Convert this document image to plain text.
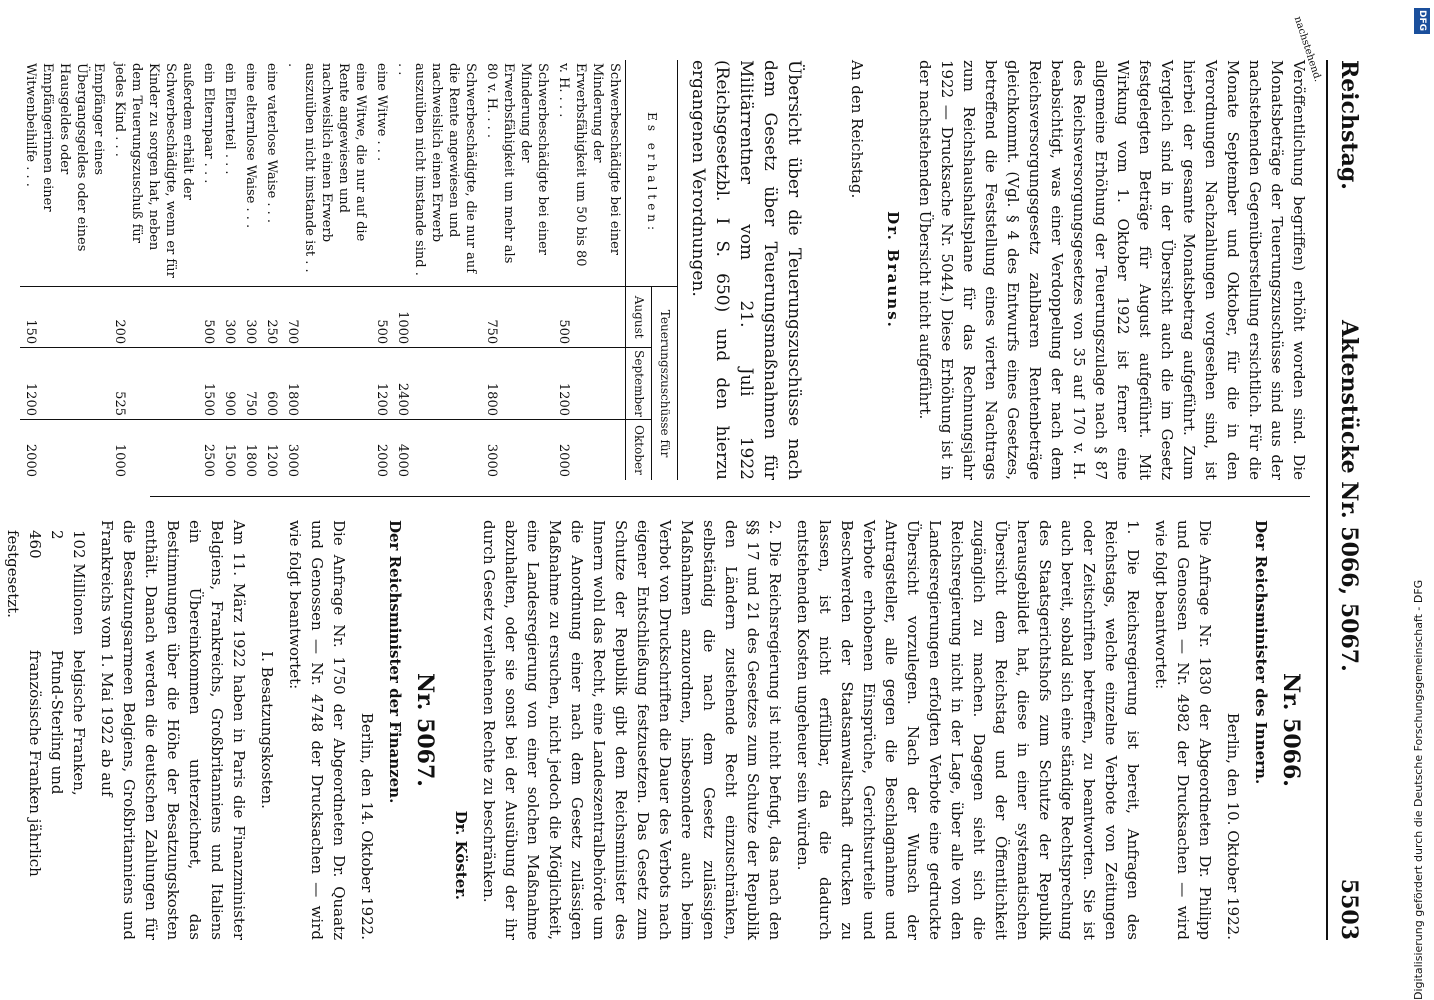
Reichstag.
Aktenstücke Nr. 5066, 5067.
5503
nachstehend.

Veröffentlichung begriffen) erhöht worden sind. Die Monatsbeträge der Teuerungszuschüsse sind aus der nachstehenden Gegenüberstellung ersichtlich. Für die Monate September und Oktober, für die in den Verordnungen Nachzahlungen vorgesehen sind, ist hierbei der gesamte Monatsbetrag aufgeführt. Zum Vergleich sind in der Übersicht auch die im Gesetz festgelegten Beträge für August aufgeführt. Mit Wirkung vom 1. Oktober 1922 ist ferner eine allgemeine Erhöhung der Teuerungszulage nach § 87 des Reichsversorgungsgesetzes von 35 auf 170 v. H. beabsichtigt, was einer Verdoppelung der nach dem Reichsversorgungsgesetz zahlbaren Rentenbeträge gleichkommt. (Vgl. § 4 des Entwurfs eines Gesetzes, betreffend die Feststellung eines vierten Nachtrags zum Reichshaushaltsplane für das Rechnungsjahr 1922 — Drucksache Nr. 5044.) Diese Erhöhung ist in der nachstehenden Übersicht nicht aufgeführt.

Dr. Brauns.

An den Reichstag.

Übersicht über die Teuerungszuschüsse nach dem Gesetz über Teuerungsmaßnahmen für Militärrentner vom 21. Juli 1922 (Reichsgesetzbl. I S. 650) und den hierzu ergangenen Verordnungen.

Es erhalten:	Teuerungszuschüsse für		
	August	September	Oktober
Schwerbeschädigte bei einer Minderung der Erwerbsfähigkeit um 50 bis 80 v. H. . . .	500	1200	2000
Schwerbeschädigte bei einer Minderung der Erwerbsfähigkeit um mehr als 80 v. H. . . .	750	1800	3000
Schwerbeschädigte, die nur auf die Rente angewiesen und nachweislich einen Erwerb auszuüben nicht imstande sind . . .	1000	2400	4000
eine Witwe . . .	500	1200	2000
eine Witwe, die nur auf die Rente angewiesen und nachweislich einen Erwerb auszuüben nicht imstande ist . . .	700	1800	3000
eine vaterlose Waise . . .	250	600	1200
eine elternlose Waise . . .	300	750	1800
ein Elternteil . . .	300	900	1500
ein Elternpaar . . .	500	1500	2500
außerdem erhält der Schwerbeschädigte, wenn er für Kinder zu sorgen hat, neben dem Teuerungszuschuß für jedes Kind . . .	200	525	1000
Empfänger eines Übergangsgeldes oder eines Hausgeldes oder Empfängerinnen einer Witwenbeihilfe . . .	150	1200	2000
Nr. 5066.

Der Reichsminister des Innern.

Berlin, den 10. Oktober 1922.

Die Anfrage Nr. 1830 der Abgeordneten Dr. Philipp und Genossen — Nr. 4982 der Drucksachen — wird wie folgt beantwortet:

1. Die Reichsregierung ist bereit, Anfragen des Reichstags, welche einzelne Verbote von Zeitungen oder Zeitschriften betreffen, zu beantworten. Sie ist auch bereit, sobald sich eine ständige Rechtsprechung des Staatsgerichtshofs zum Schutze der Republik herausgebildet hat, diese in einer systematischen Übersicht dem Reichstag und der Öffentlichkeit zugänglich zu machen. Dagegen sieht sich die Reichsregierung nicht in der Lage, über alle von den Landesregierungen erfolgten Verbote eine gedruckte Übersicht vorzulegen. Nach der Wunsch der Antragsteller, alle gegen die Beschlagnahme und Verbote erhobenen Einsprüche, Gerichtsurteile und Beschwerden der Staatsanwaltschaft drucken zu lassen, ist nicht erfüllbar, da die dadurch entstehenden Kosten ungeheuer sein würden.

2. Die Reichsregierung ist nicht befugt, das nach den §§ 17 und 21 des Gesetzes zum Schutze der Republik den Ländern zustehende Recht einzuschränken, selbständig die nach dem Gesetz zulässigen Maßnahmen anzuordnen, insbesondere auch beim Verbot von Druckschriften die Dauer des Verbots nach eigener Entschließung festzusetzen. Das Gesetz zum Schutze der Republik gibt dem Reichsminister des Innern wohl das Recht, eine Landeszentralbehörde um die Anordnung einer nach dem Gesetz zulässigen Maßnahme zu ersuchen, nicht jedoch die Möglichkeit, eine Landesregierung von einer solchen Maßnahme abzuhalten, oder sie sonst bei der Ausübung der ihr durch Gesetz verliehenen Rechte zu beschränken.

Dr. Köster.

Nr. 5067.

Der Reichsminister der Finanzen.

Berlin, den 14. Oktober 1922.

Die Anfrage Nr. 1750 der Abgeordneten Dr. Quaatz und Genossen — Nr. 4748 der Drucksachen — wird wie folgt beantwortet:

I. Besatzungskosten.

Am 11. März 1922 haben in Paris die Finanzminister Belgiens, Frankreichs, Großbritanniens und Italiens ein Übereinkommen unterzeichnet, das Bestimmungen über die Höhe der Besatzungskosten enthält. Danach werden die deutschen Zahlungen für die Besatzungsarmeen Belgiens, Großbritanniens und Frankreichs vom 1. Mai 1922 ab auf

102 Millionenbelgische Franken,
2Pfund-Sterling und
460französische Franken jährlich festgesetzt.

DFG
Digitalisierung gefördert durch die Deutsche Forschungsgemeinschaft - DFG
